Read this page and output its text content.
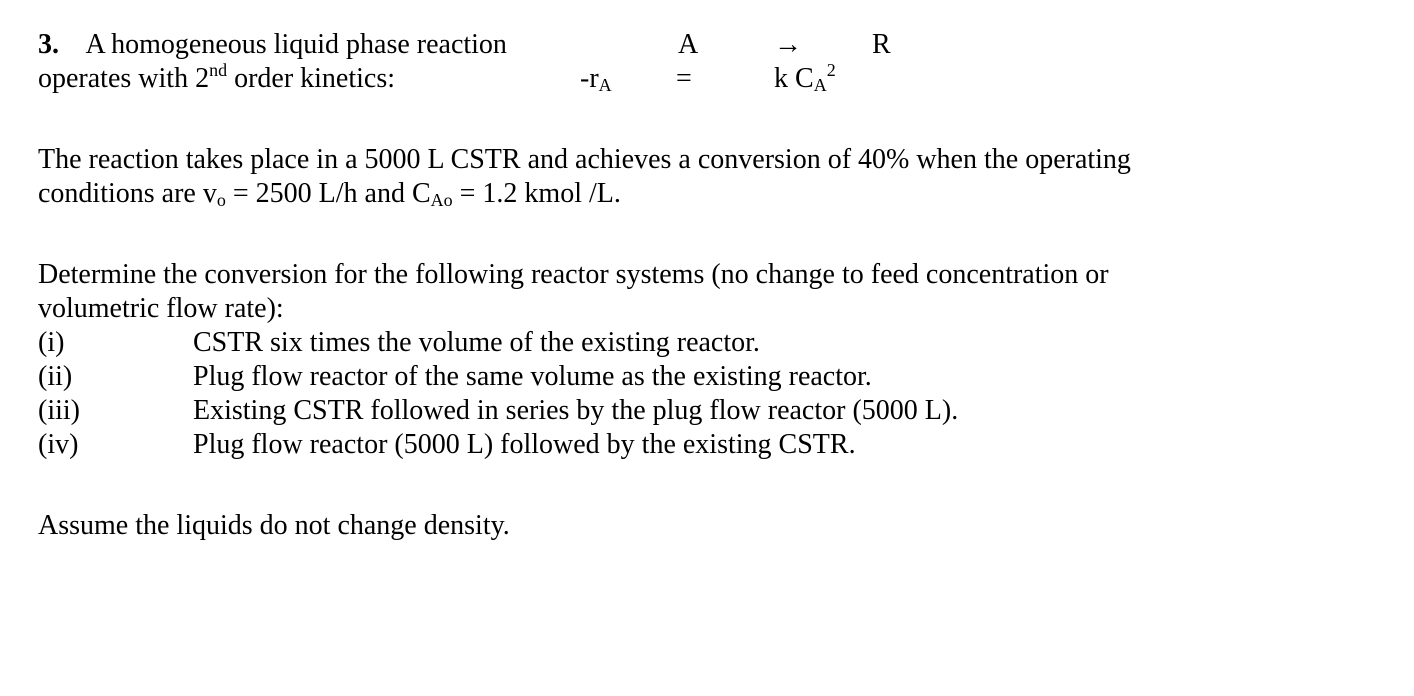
3. A homogeneous liquid phase reaction	A	→	R
operates with 2nd order kinetics:	$-r_A$ =	k $C_A^2$
The reaction takes place in a 5000 L CSTR and achieves a conversion of 40% when the operating
conditions are $v_o = 2500$ L/h and $C_{Ao} = 1.2$ kmol /L.
Determine the conversion for the following reactor systems (no change to feed concentration or
volumetric flow rate):
(i)	CSTR six times the volume of the existing reactor.
(ii)	Plug flow reactor of the same volume as the existing reactor.
(iii)	Existing CSTR followed in series by the plug flow reactor (5000 L).
(iv)	Plug flow reactor (5000 L) followed by the existing CSTR.
Assume the liquids do not change density.
